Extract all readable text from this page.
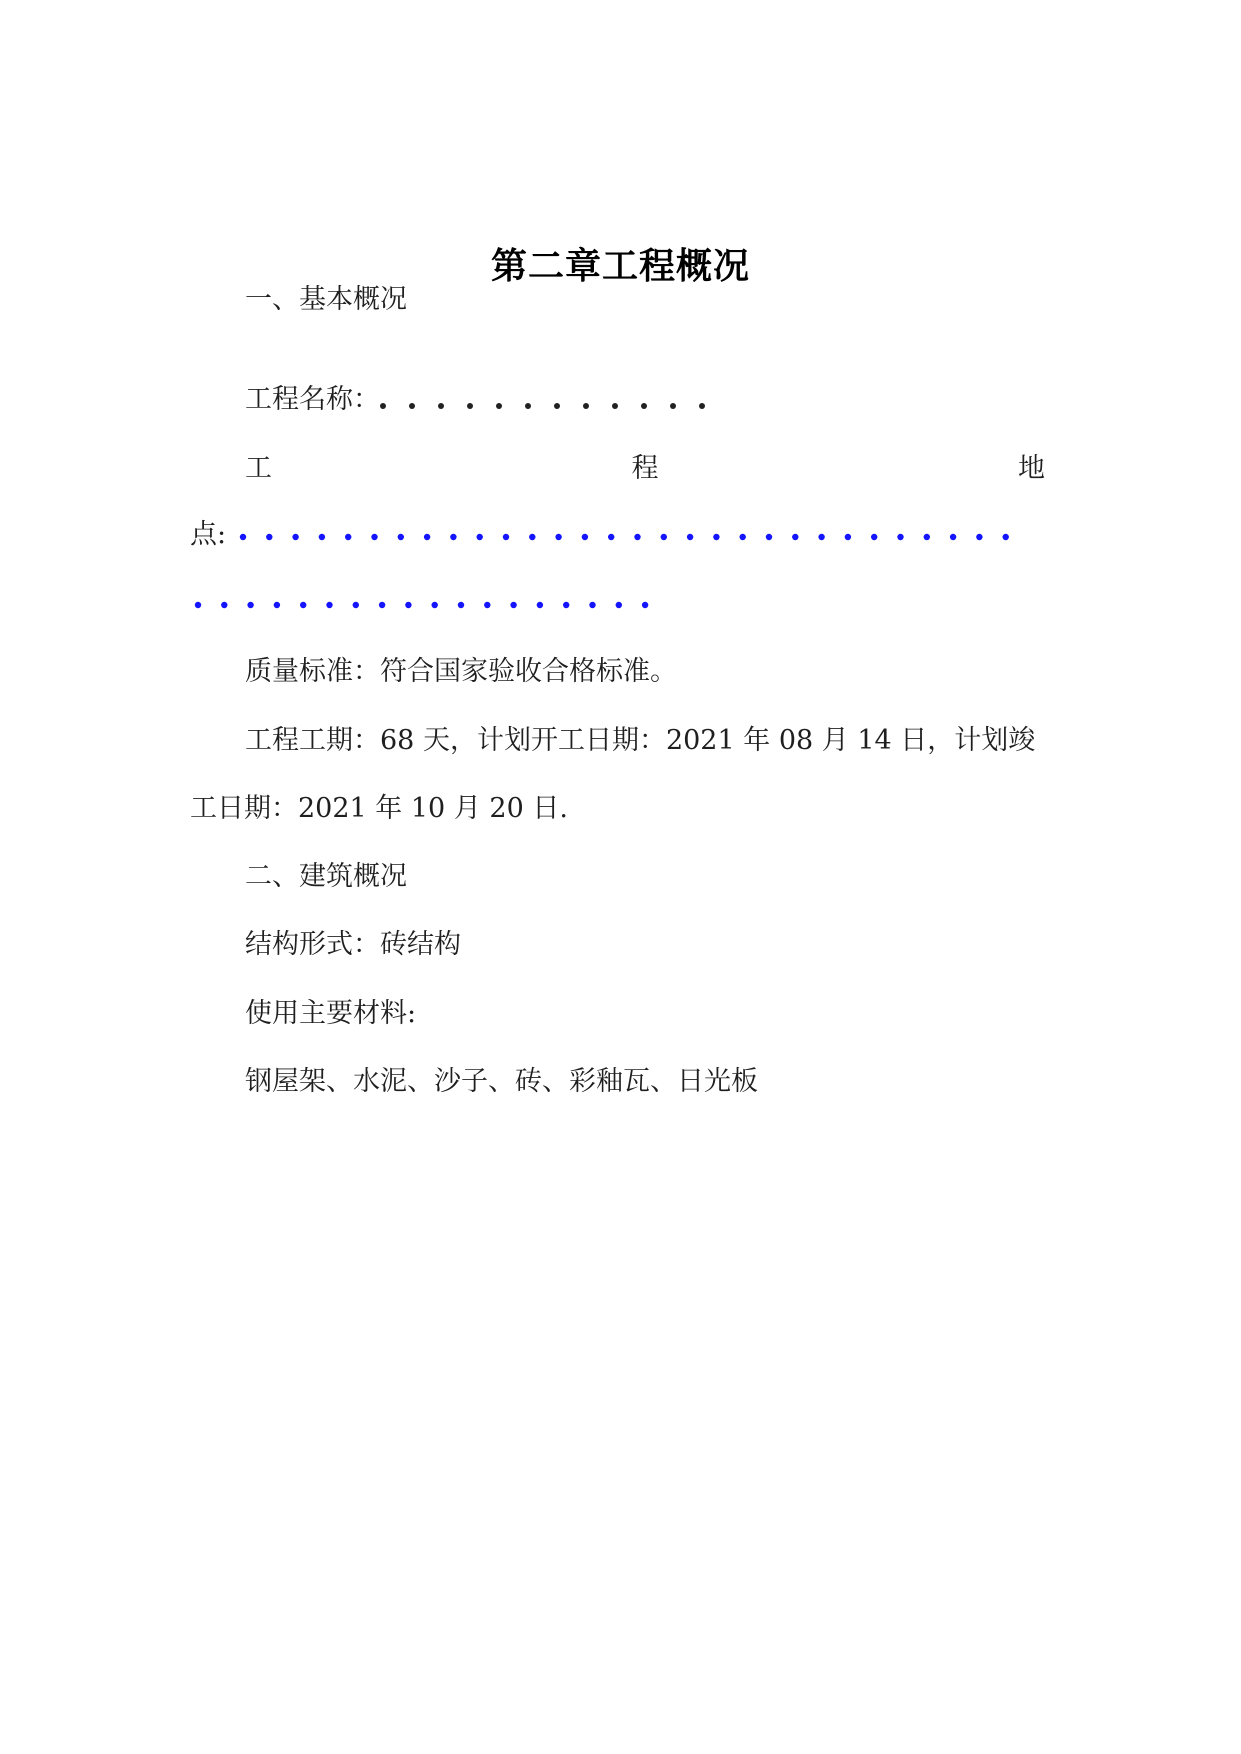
第二章工程概况
一、基本概况
工程名称：
工	程	地
点:
质量标准：符合国家验收合格标准。
工程工期：68 天，计划开工日期：2021 年 08 月 14 日，计划竣
工日期：2021 年 10 月 20 日.
二、建筑概况
结构形式：砖结构
使用主要材料:
钢屋架、水泥、沙子、砖、彩釉瓦、日光板
